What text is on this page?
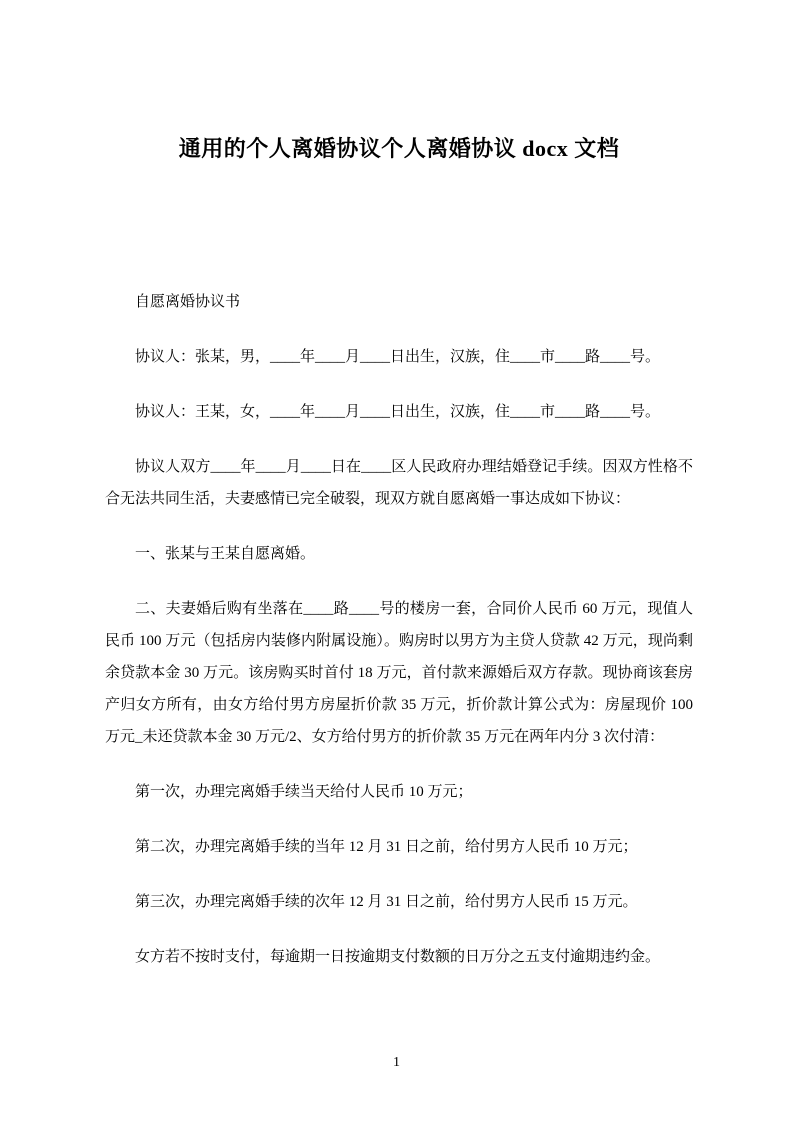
通用的个人离婚协议个人离婚协议 docx 文档

自愿离婚协议书

协议人：张某，男，____年____月____日出生，汉族，住____市____路____号。

协议人：王某，女，____年____月____日出生，汉族，住____市____路____号。

协议人双方____年____月____日在____区人民政府办理结婚登记手续。因双方性格不合无法共同生活，夫妻感情已完全破裂，现双方就自愿离婚一事达成如下协议：

一、张某与王某自愿离婚。

二、夫妻婚后购有坐落在____路____号的楼房一套，合同价人民币 60 万元，现值人民币 100 万元（包括房内装修内附属设施）。购房时以男方为主贷人贷款 42 万元，现尚剩余贷款本金 30 万元。该房购买时首付 18 万元，首付款来源婚后双方存款。现协商该套房产归女方所有，由女方给付男方房屋折价款 35 万元，折价款计算公式为：房屋现价 100 万元_未还贷款本金 30 万元/2、女方给付男方的折价款 35 万元在两年内分 3 次付清：

第一次，办理完离婚手续当天给付人民币 10 万元；

第二次，办理完离婚手续的当年 12 月 31 日之前，给付男方人民币 10 万元；

第三次，办理完离婚手续的次年 12 月 31 日之前，给付男方人民币 15 万元。

女方若不按时支付，每逾期一日按逾期支付数额的日万分之五支付逾期违约金。

1
